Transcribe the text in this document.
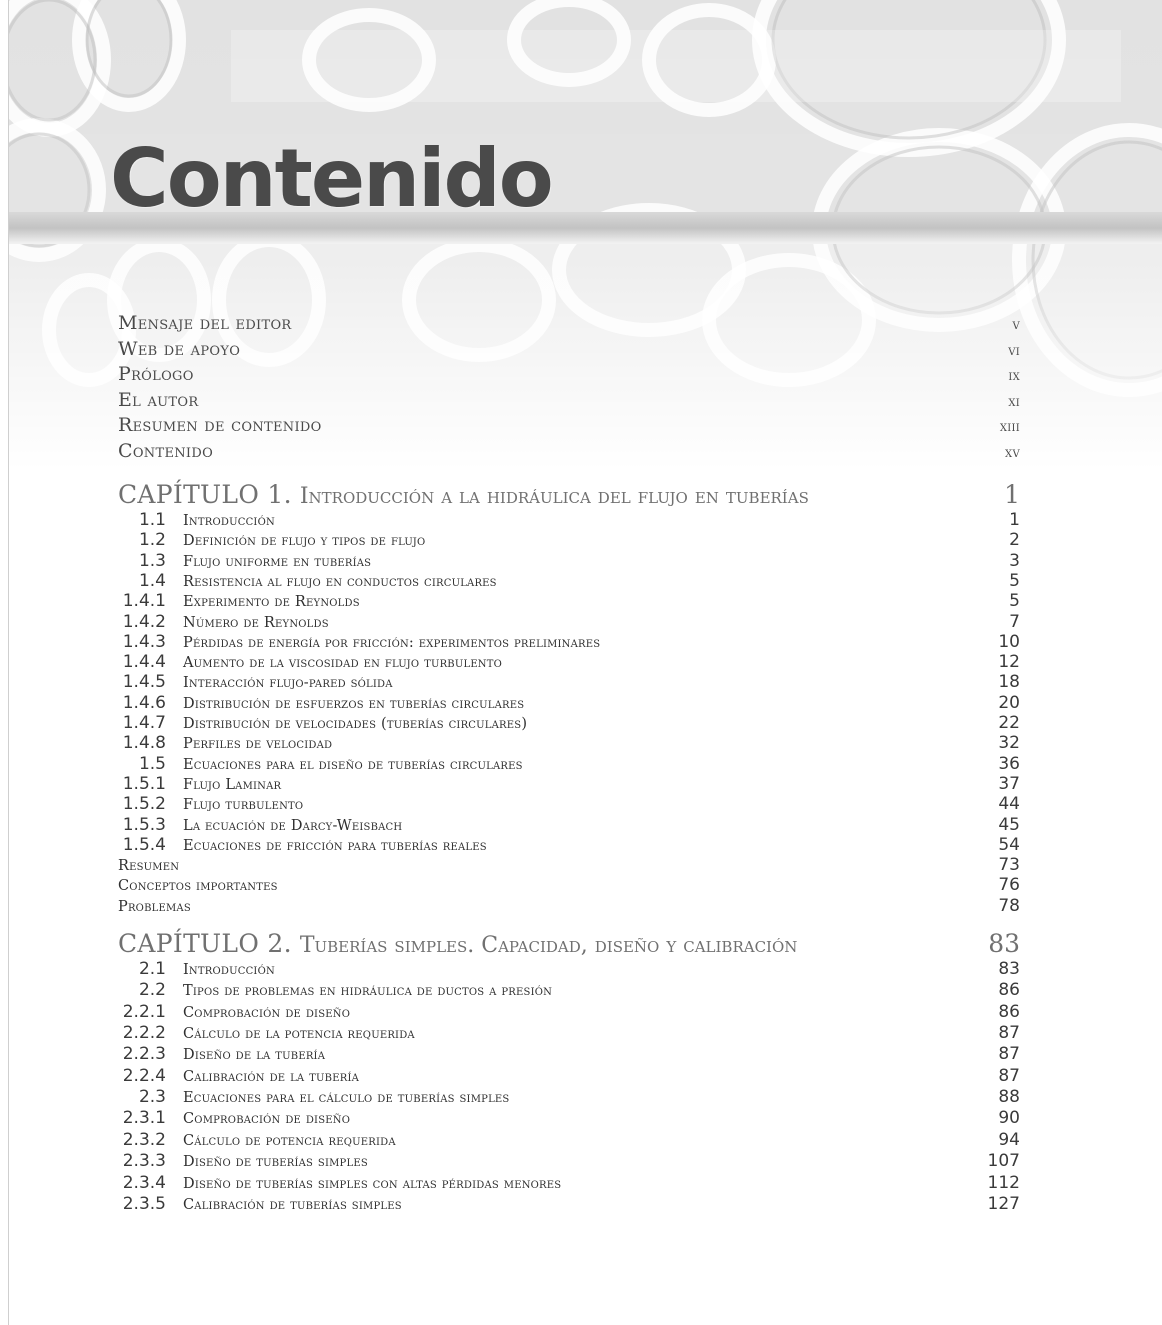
Contenido
Mensaje del editor	v
Web de apoyo	vi
Prólogo	ix
El autor	xi
Resumen de contenido	xiii
Contenido	xv
CAPÍTULO 1. Introducción a la hidráulica del flujo en tuberías	1
1.1 Introducción	1
1.2 Definición de flujo y tipos de flujo	2
1.3 Flujo uniforme en tuberías	3
1.4 Resistencia al flujo en conductos circulares	5
1.4.1 Experimento de Reynolds	5
1.4.2 Número de Reynolds	7
1.4.3 Pérdidas de energía por fricción: experimentos preliminares	10
1.4.4 Aumento de la viscosidad en flujo turbulento	12
1.4.5 Interacción flujo-pared sólida	18
1.4.6 Distribución de esfuerzos en tuberías circulares	20
1.4.7 Distribución de velocidades (tuberías circulares)	22
1.4.8 Perfiles de velocidad	32
1.5 Ecuaciones para el diseño de tuberías circulares	36
1.5.1 Flujo Laminar	37
1.5.2 Flujo turbulento	44
1.5.3 La ecuación de Darcy-Weisbach	45
1.5.4 Ecuaciones de fricción para tuberías reales	54
Resumen	73
Conceptos importantes	76
Problemas	78
CAPÍTULO 2. Tuberías simples. Capacidad, diseño y calibración	83
2.1 Introducción	83
2.2 Tipos de problemas en hidráulica de ductos a presión	86
2.2.1 Comprobación de diseño	86
2.2.2 Cálculo de la potencia requerida	87
2.2.3 Diseño de la tubería	87
2.2.4 Calibración de la tubería	87
2.3 Ecuaciones para el cálculo de tuberías simples	88
2.3.1 Comprobación de diseño	90
2.3.2 Cálculo de potencia requerida	94
2.3.3 Diseño de tuberías simples	107
2.3.4 Diseño de tuberías simples con altas pérdidas menores	112
2.3.5 Calibración de tuberías simples	127
